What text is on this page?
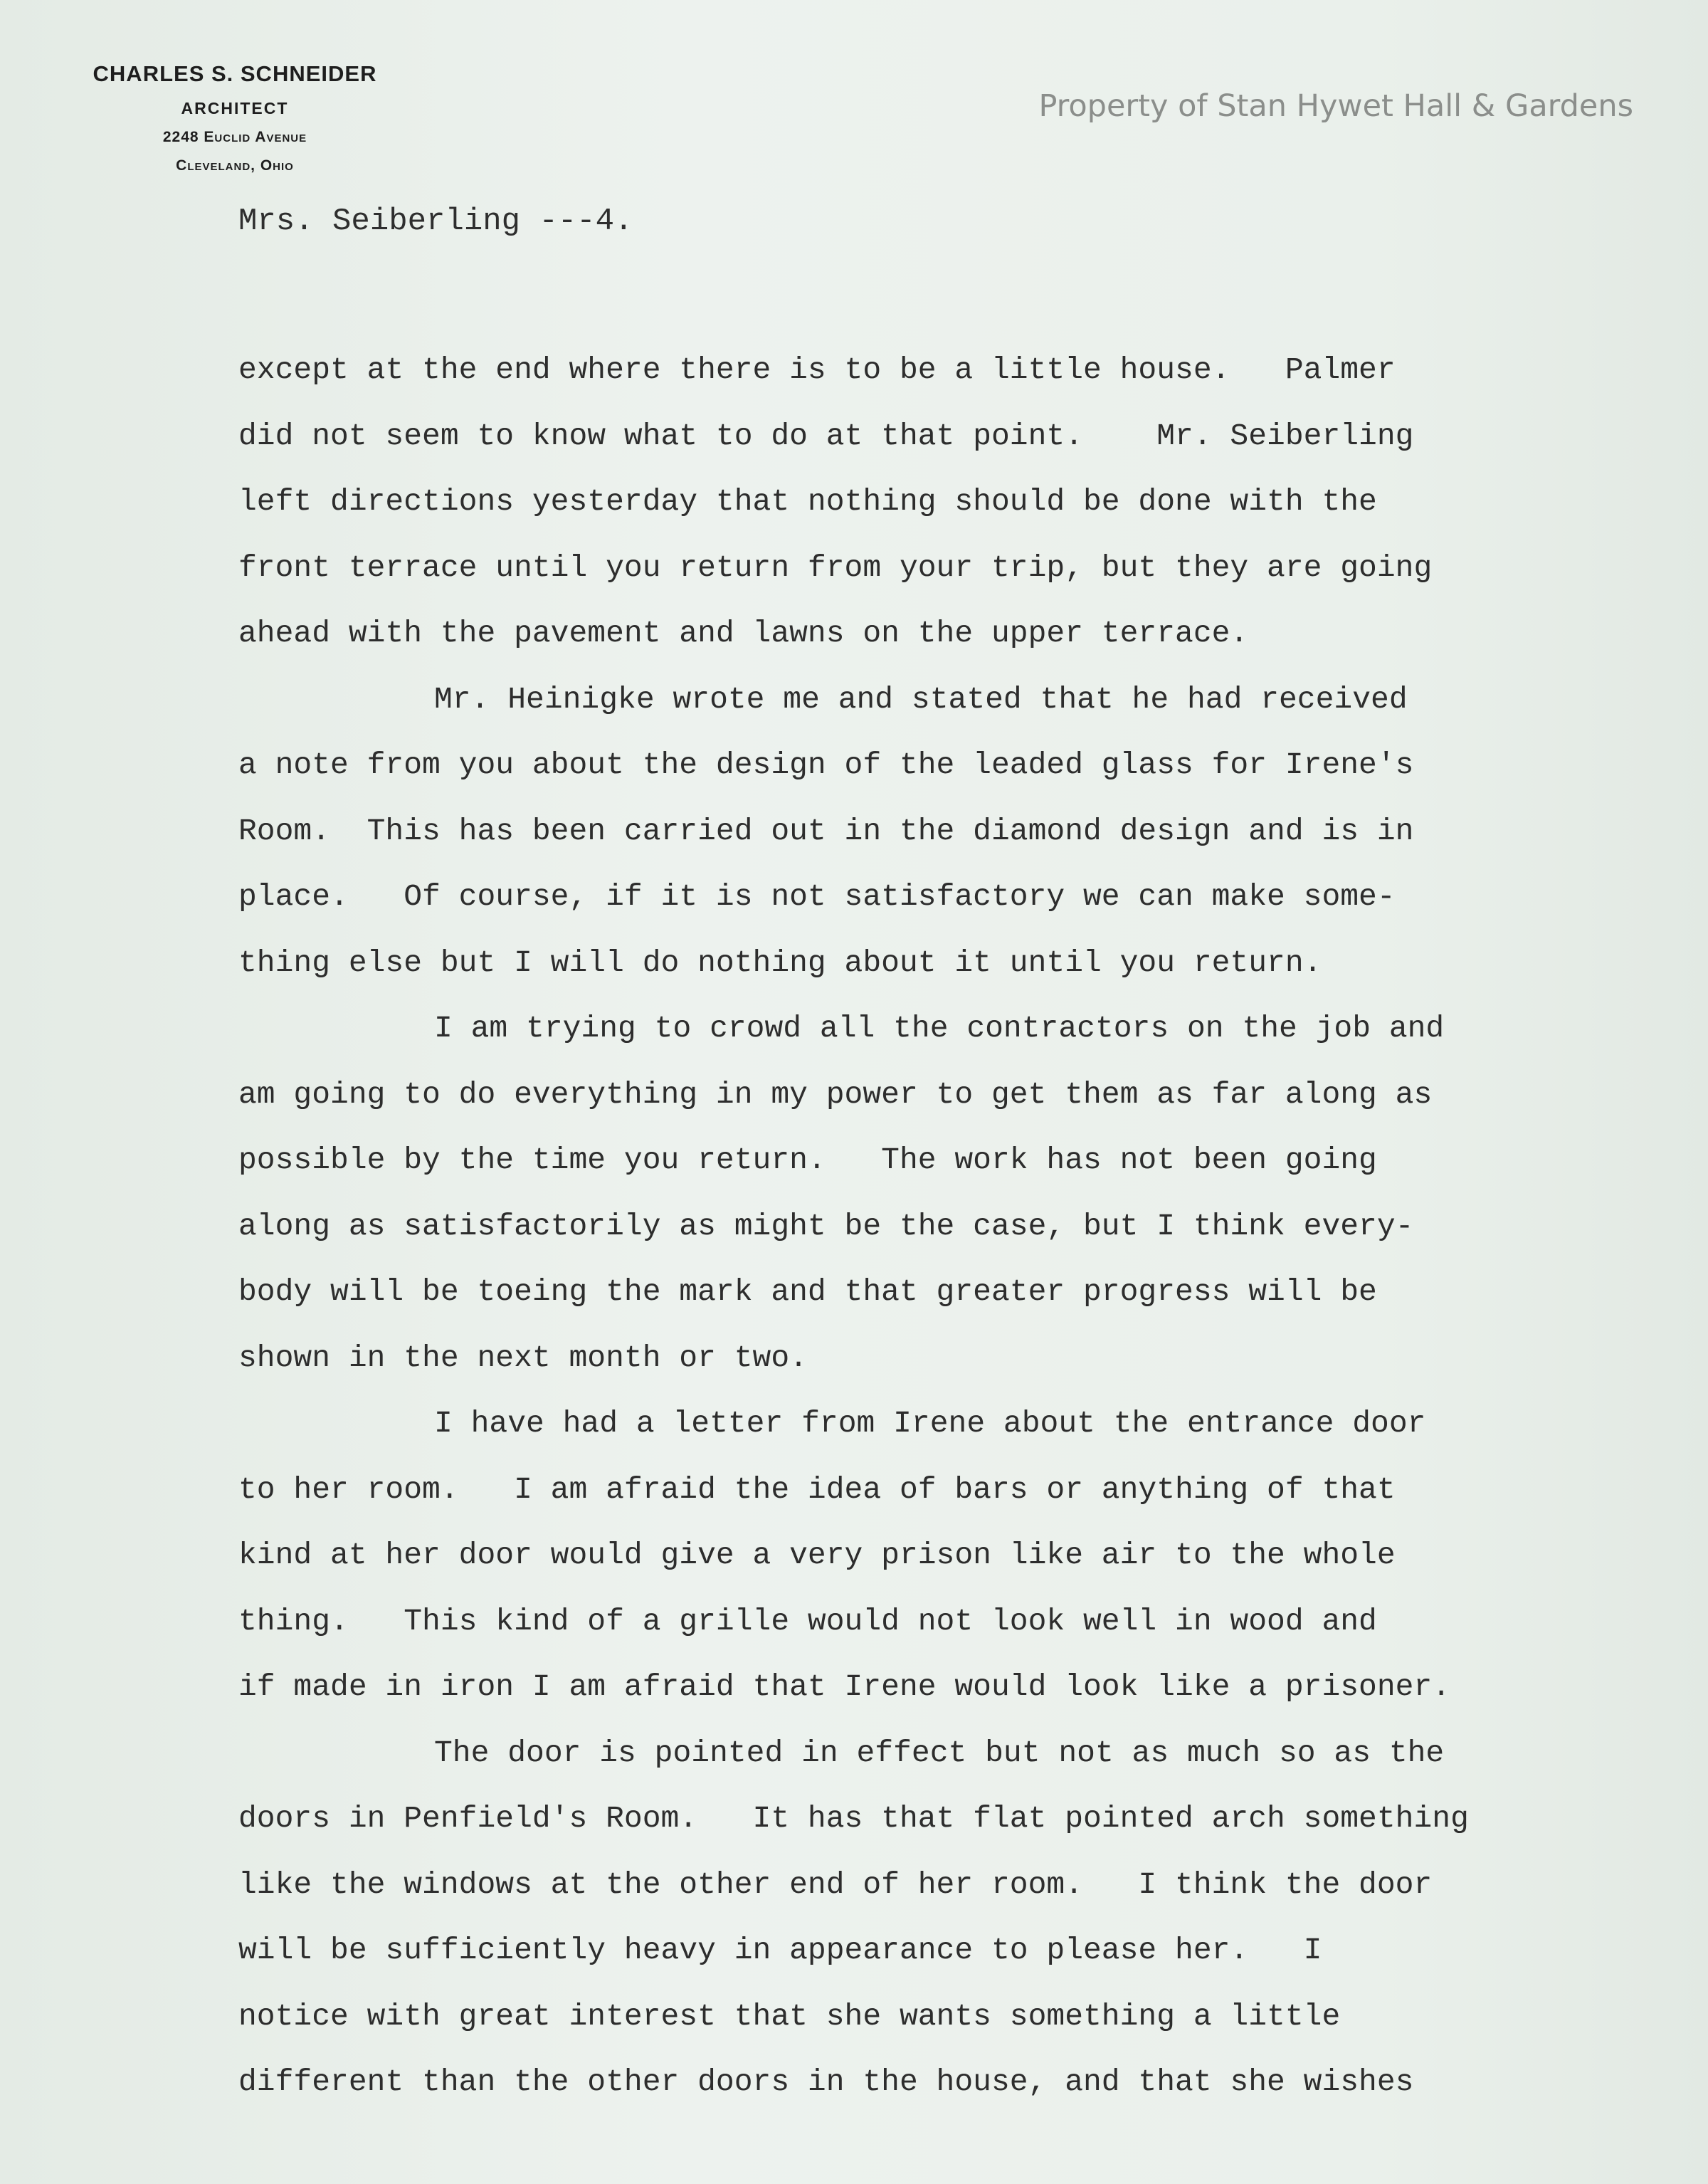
CHARLES S. SCHNEIDER
ARCHITECT
2248 Euclid Avenue
Cleveland, Ohio
Property of Stan Hywet Hall & Gardens
Mrs. Seiberling ---4.
except at the end where there is to be a little house.   Palmer
did not seem to know what to do at that point.    Mr. Seiberling
left directions yesterday that nothing should be done with the
front terrace until you return from your trip, but they are going
ahead with the pavement and lawns on the upper terrace.
Mr. Heinigke wrote me and stated that he had received
a note from you about the design of the leaded glass for Irene's
Room.  This has been carried out in the diamond design and is in
place.   Of course, if it is not satisfactory we can make some-
thing else but I will do nothing about it until you return.
I am trying to crowd all the contractors on the job and
am going to do everything in my power to get them as far along as
possible by the time you return.   The work has not been going
along as satisfactorily as might be the case, but I think every-
body will be toeing the mark and that greater progress will be
shown in the next month or two.
I have had a letter from Irene about the entrance door
to her room.   I am afraid the idea of bars or anything of that
kind at her door would give a very prison like air to the whole
thing.   This kind of a grille would not look well in wood and
if made in iron I am afraid that Irene would look like a prisoner.
The door is pointed in effect but not as much so as the
doors in Penfield's Room.   It has that flat pointed arch something
like the windows at the other end of her room.   I think the door
will be sufficiently heavy in appearance to please her.   I
notice with great interest that she wants something a little
different than the other doors in the house, and that she wishes
